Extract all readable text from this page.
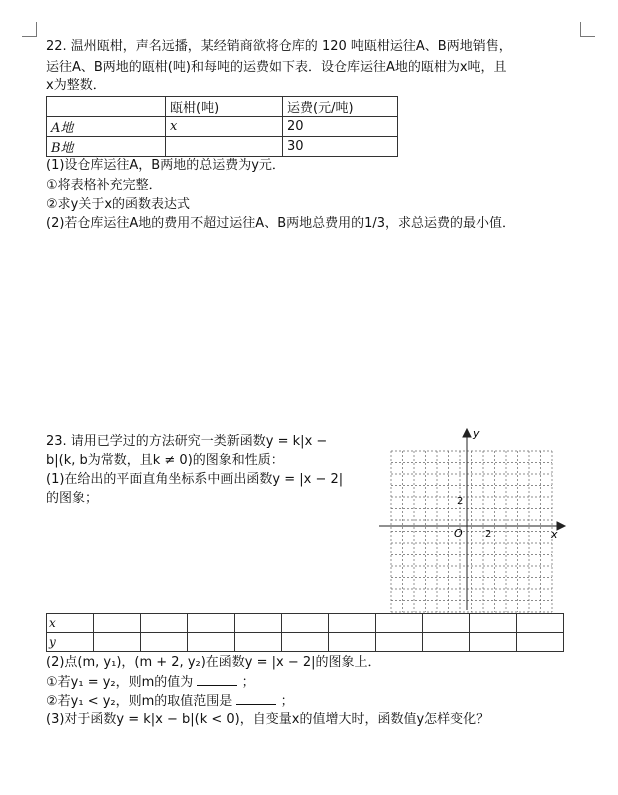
22. 温州瓯柑，声名远播，某经销商欲将仓库的 120 吨瓯柑运往A、B两地销售，
运往A、B两地的瓯柑(吨)和每吨的运费如下表．设仓库运往A地的瓯柑为x吨，且
x为整数．
	瓯柑(吨)	运费(元/吨)
A地	x	20
B地		30
(1)设仓库运往A，B两地的总运费为y元．
①将表格补充完整．
②求y关于x的函数表达式
(2)若仓库运往A地的费用不超过运往A、B两地总费用的1/3，求总运费的最小值．
23. 请用已学过的方法研究一类新函数y = k|x −
b|(k, b为常数，且k ≠ 0)的图象和性质：
(1)在给出的平面直角坐标系中画出函数y = |x − 2|
的图象；
x
y
O 2
2
x										
y										
(2)点(m, y₁)，(m + 2, y₂)在函数y = |x − 2|的图象上．
①若y₁ = y₂，则m的值为	；
②若y₁ < y₂，则m的取值范围是	；
(3)对于函数y = k|x − b|(k < 0)，自变量x的值增大时，函数值y怎样变化？
